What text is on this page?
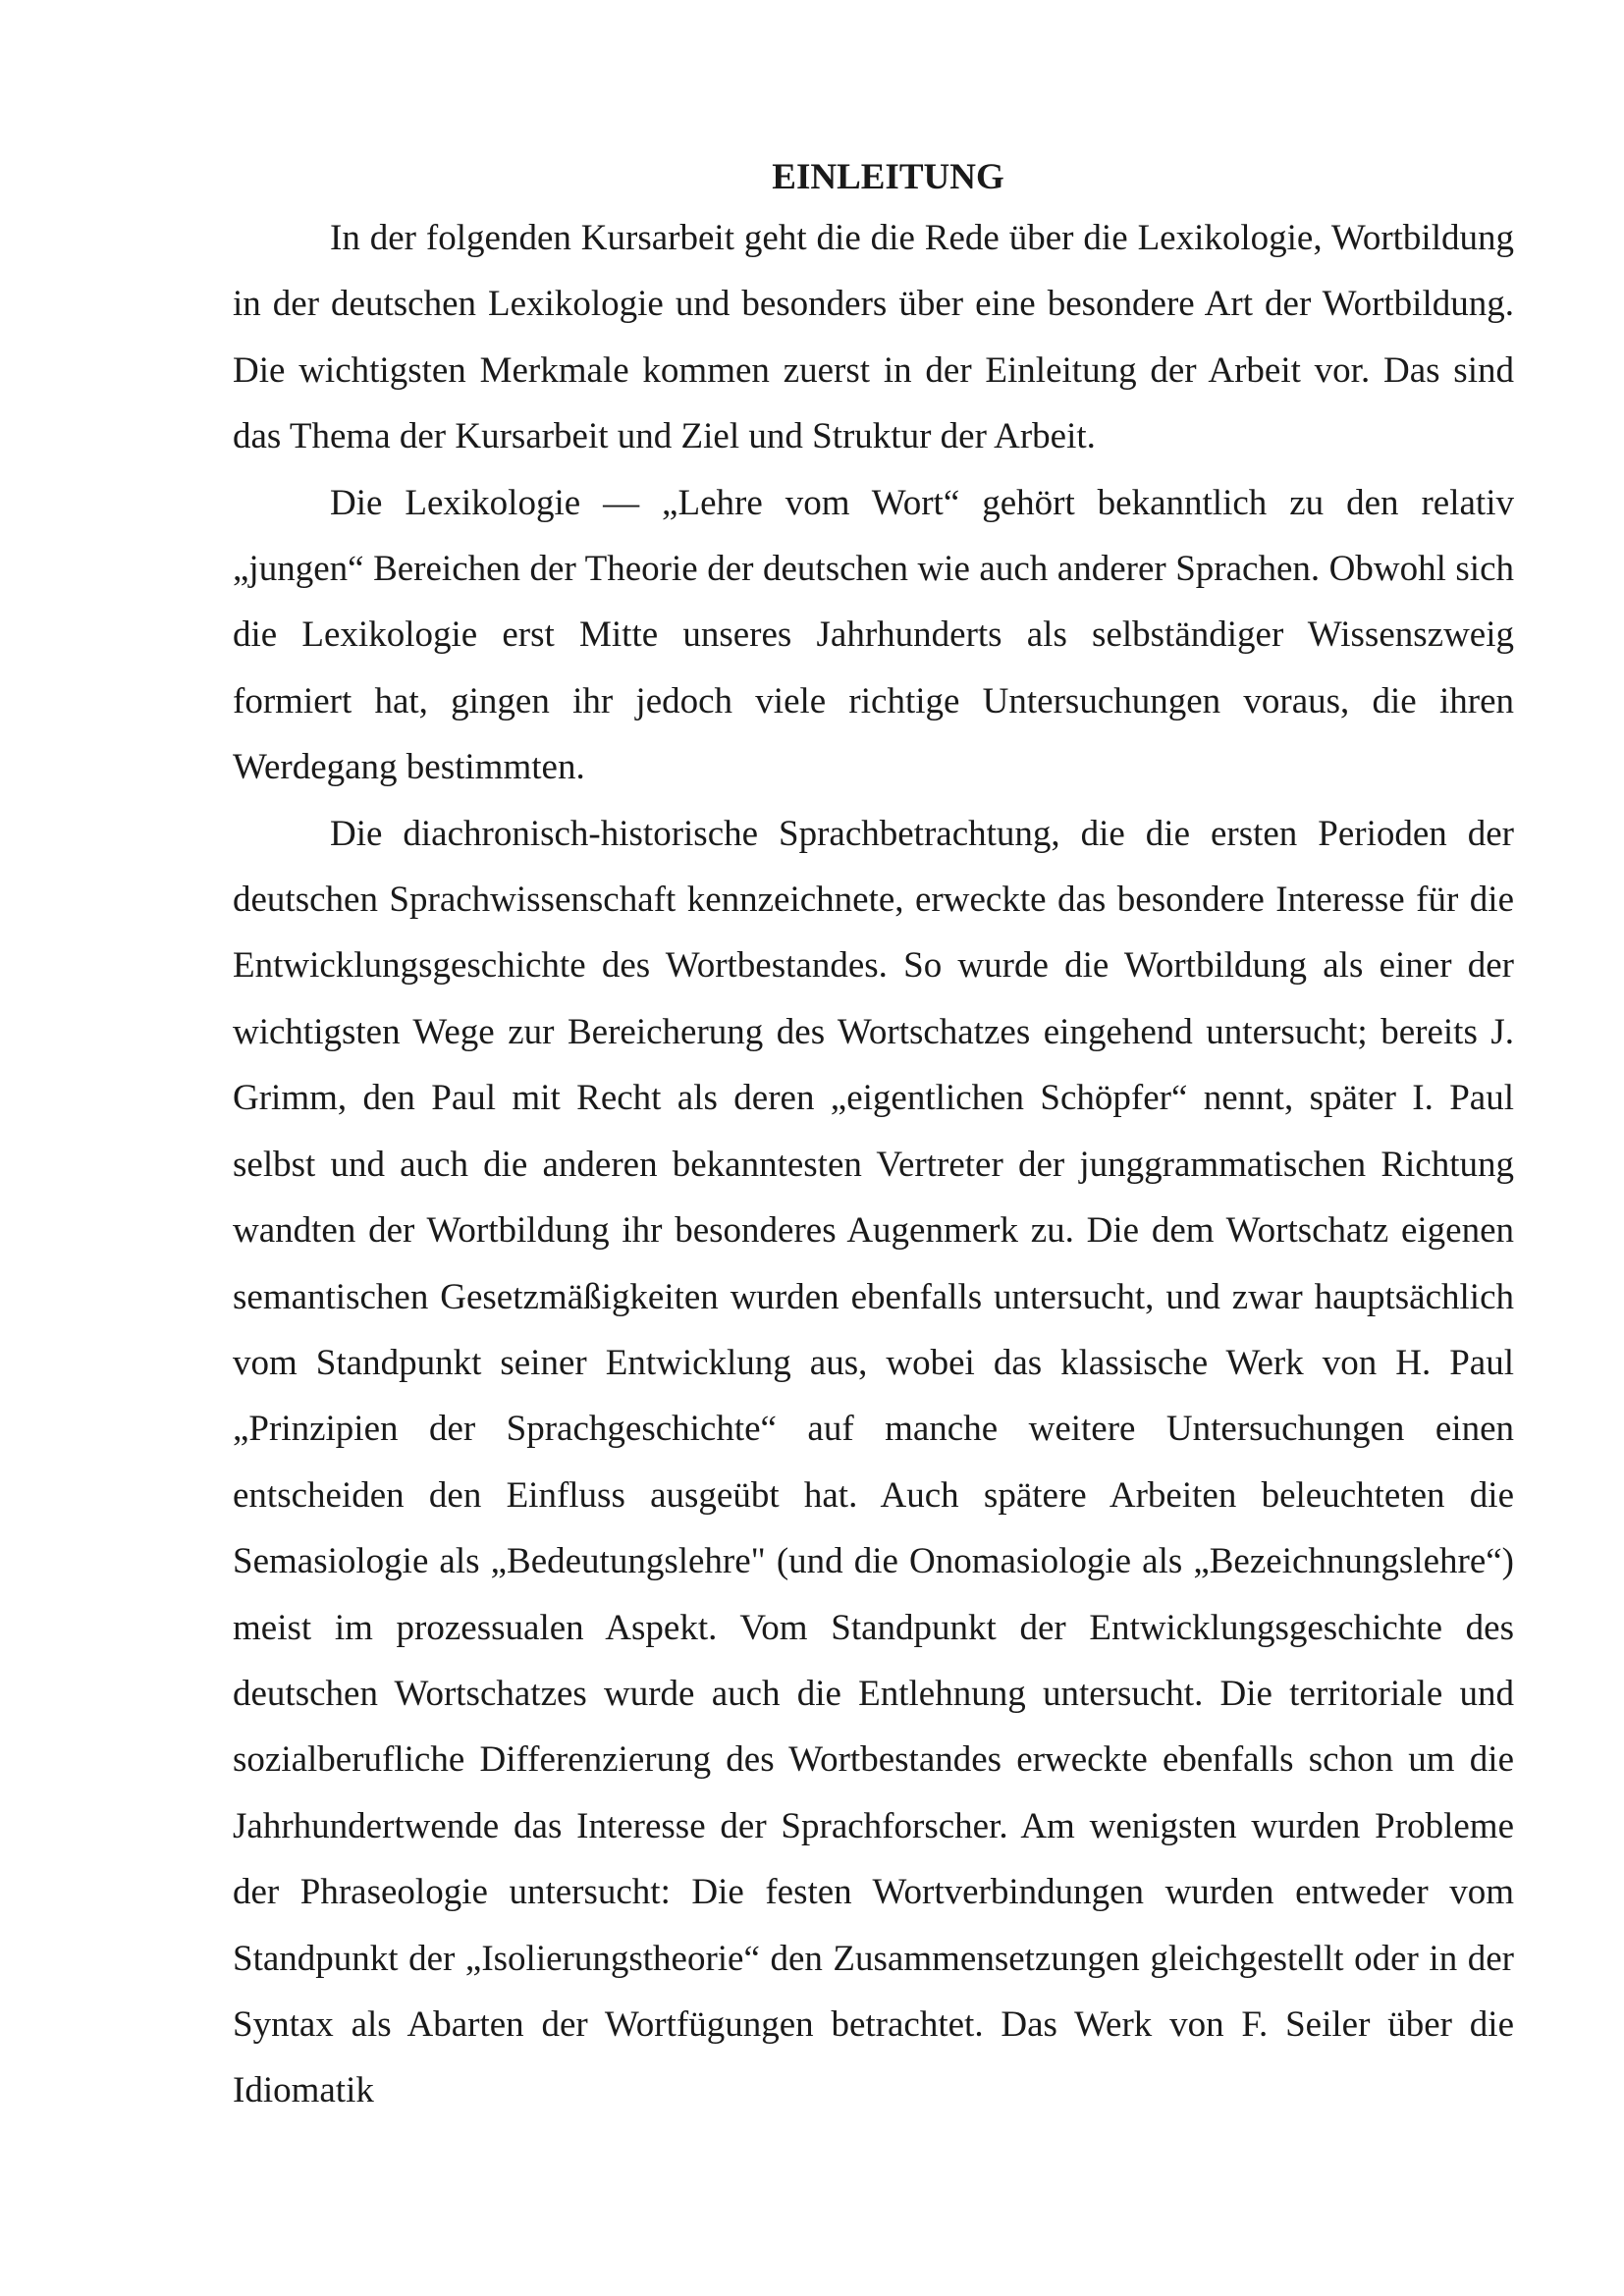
EINLEITUNG

In der folgenden Kursarbeit geht die die Rede über die Lexikologie, Wortbildung in der deutschen Lexikologie und besonders über eine besondere Art der Wortbildung. Die wichtigsten Merkmale kommen zuerst in der Einleitung der Arbeit vor. Das sind das Thema der Kursarbeit und Ziel und Struktur der Arbeit.

Die Lexikologie — „Lehre vom Wort“ gehört bekanntlich zu den relativ „jungen“ Bereichen der Theorie der deutschen wie auch anderer Sprachen. Obwohl sich die Lexikologie erst Mitte unseres Jahrhunderts als selbständiger Wissenszweig formiert hat, gingen ihr jedoch viele richtige Untersuchungen voraus, die ihren Werdegang bestimmten.

Die diachronisch-historische Sprachbetrachtung, die die ersten Perioden der deutschen Sprachwissenschaft kennzeichnete, erweckte das besondere Interesse für die Entwicklungsgeschichte des Wortbestandes. So wurde die Wortbildung als einer der wichtigsten Wege zur Bereicherung des Wortschatzes eingehend untersucht; bereits J. Grimm, den Paul mit Recht als deren „eigentlichen Schöpfer“ nennt, später I. Paul selbst und auch die anderen bekanntesten Vertreter der junggrammatischen Richtung wandten der Wortbildung ihr besonderes Augenmerk zu. Die dem Wortschatz eigenen semantischen Gesetzmäßigkeiten wurden ebenfalls untersucht, und zwar hauptsächlich vom Standpunkt seiner Entwicklung aus, wobei das klassische Werk von H. Paul „Prinzipien der Sprachgeschichte“ auf manche weitere Untersuchungen einen entscheiden den Einfluss ausgeübt hat. Auch spätere Arbeiten beleuchteten die Semasiologie als „Bedeutungslehre" (und die Onomasiologie als „Bezeichnungslehre“) meist im prozessualen Aspekt. Vom Standpunkt der Entwicklungsgeschichte des deutschen Wortschatzes wurde auch die Entlehnung untersucht. Die territoriale und sozialberufliche Differenzierung des Wortbestandes erweckte ebenfalls schon um die Jahrhundertwende das Interesse der Sprachforscher. Am wenigsten wurden Probleme der Phraseologie untersucht: Die festen Wortverbindungen wurden entweder vom Standpunkt der „Isolierungstheorie“ den Zusammensetzungen gleichgestellt oder in der Syntax als Abarten der Wortfügungen betrachtet. Das Werk von F. Seiler über die Idiomatik
